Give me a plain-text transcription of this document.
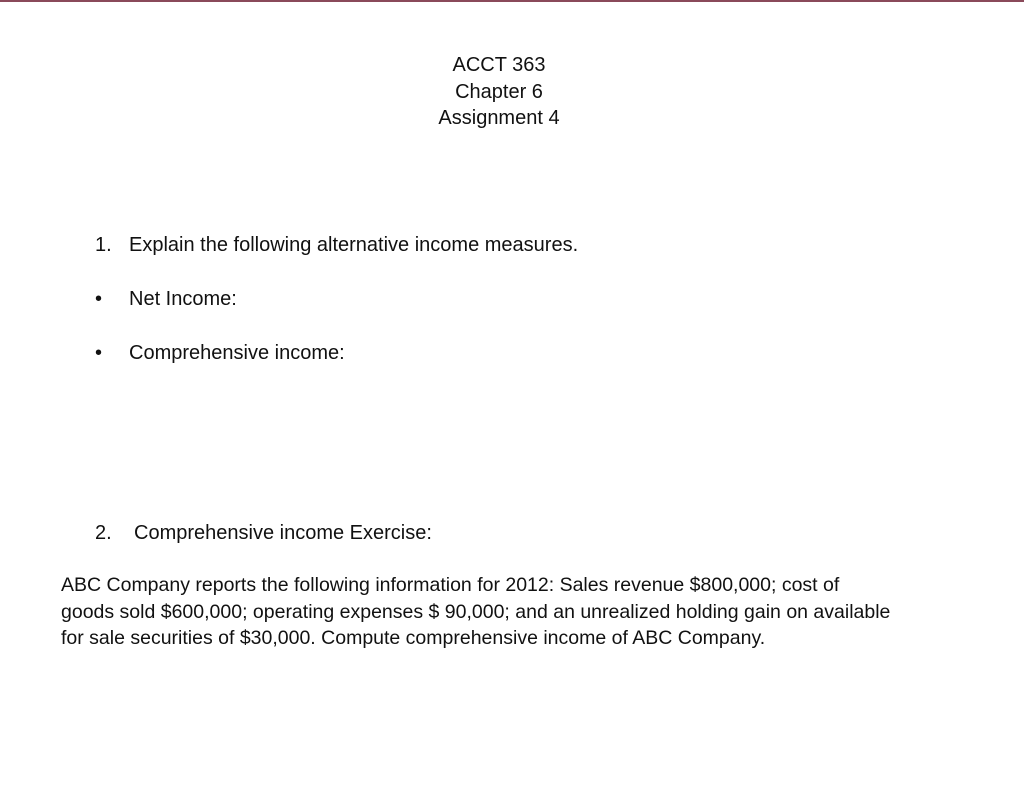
ACCT 363
Chapter 6
Assignment 4
1. Explain the following alternative income measures.
• Net Income:
• Comprehensive income:
2. Comprehensive income Exercise:

ABC Company reports the following information for 2012: Sales revenue $800,000; cost of
goods sold $600,000; operating expenses $ 90,000; and an unrealized holding gain on available
for sale securities of $30,000. Compute comprehensive income of ABC Company.
